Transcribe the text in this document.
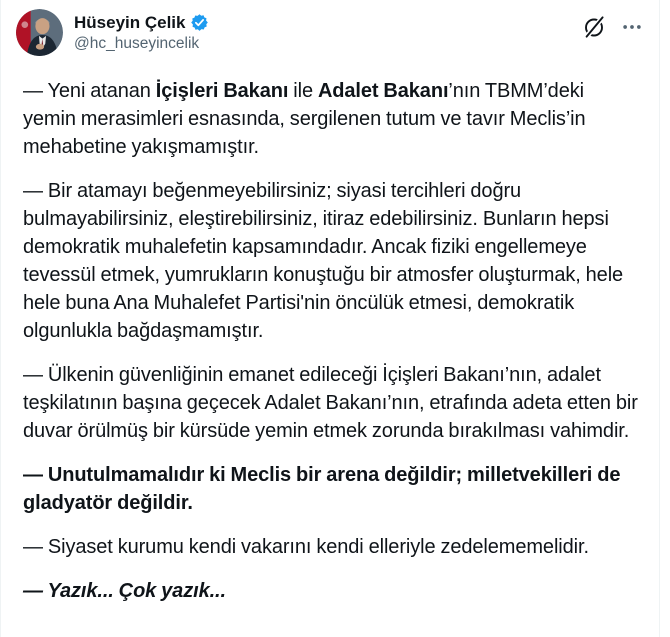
Hüseyin Çelik
@hc_huseyincelik

— Yeni atanan İçişleri Bakanı ile Adalet Bakanı’nın TBMM’deki yemin merasimleri esnasında, sergilenen tutum ve tavır Meclis’in mehabetine yakışmamıştır.

— Bir atamayı beğenmeyebilirsiniz; siyasi tercihleri doğru bulmayabilirsiniz, eleştirebilirsiniz, itiraz edebilirsiniz. Bunların hepsi demokratik muhalefetin kapsamındadır. Ancak fiziki engellemeye tevessül etmek, yumrukların konuştuğu bir atmosfer oluşturmak, hele hele buna Ana Muhalefet Partisi'nin öncülük etmesi, demokratik olgunlukla bağdaşmamıştır.

— Ülkenin güvenliğinin emanet edileceği İçişleri Bakanı’nın, adalet teşkilatının başına geçecek Adalet Bakanı’nın, etrafında adeta etten bir duvar örülmüş bir kürsüde yemin etmek zorunda bırakılması vahimdir.

— Unutulmamalıdır ki Meclis bir arena değildir; milletvekilleri de gladyatör değildir.

— Siyaset kurumu kendi vakarını kendi elleriyle zedelememelidir.

— Yazık... Çok yazık...
